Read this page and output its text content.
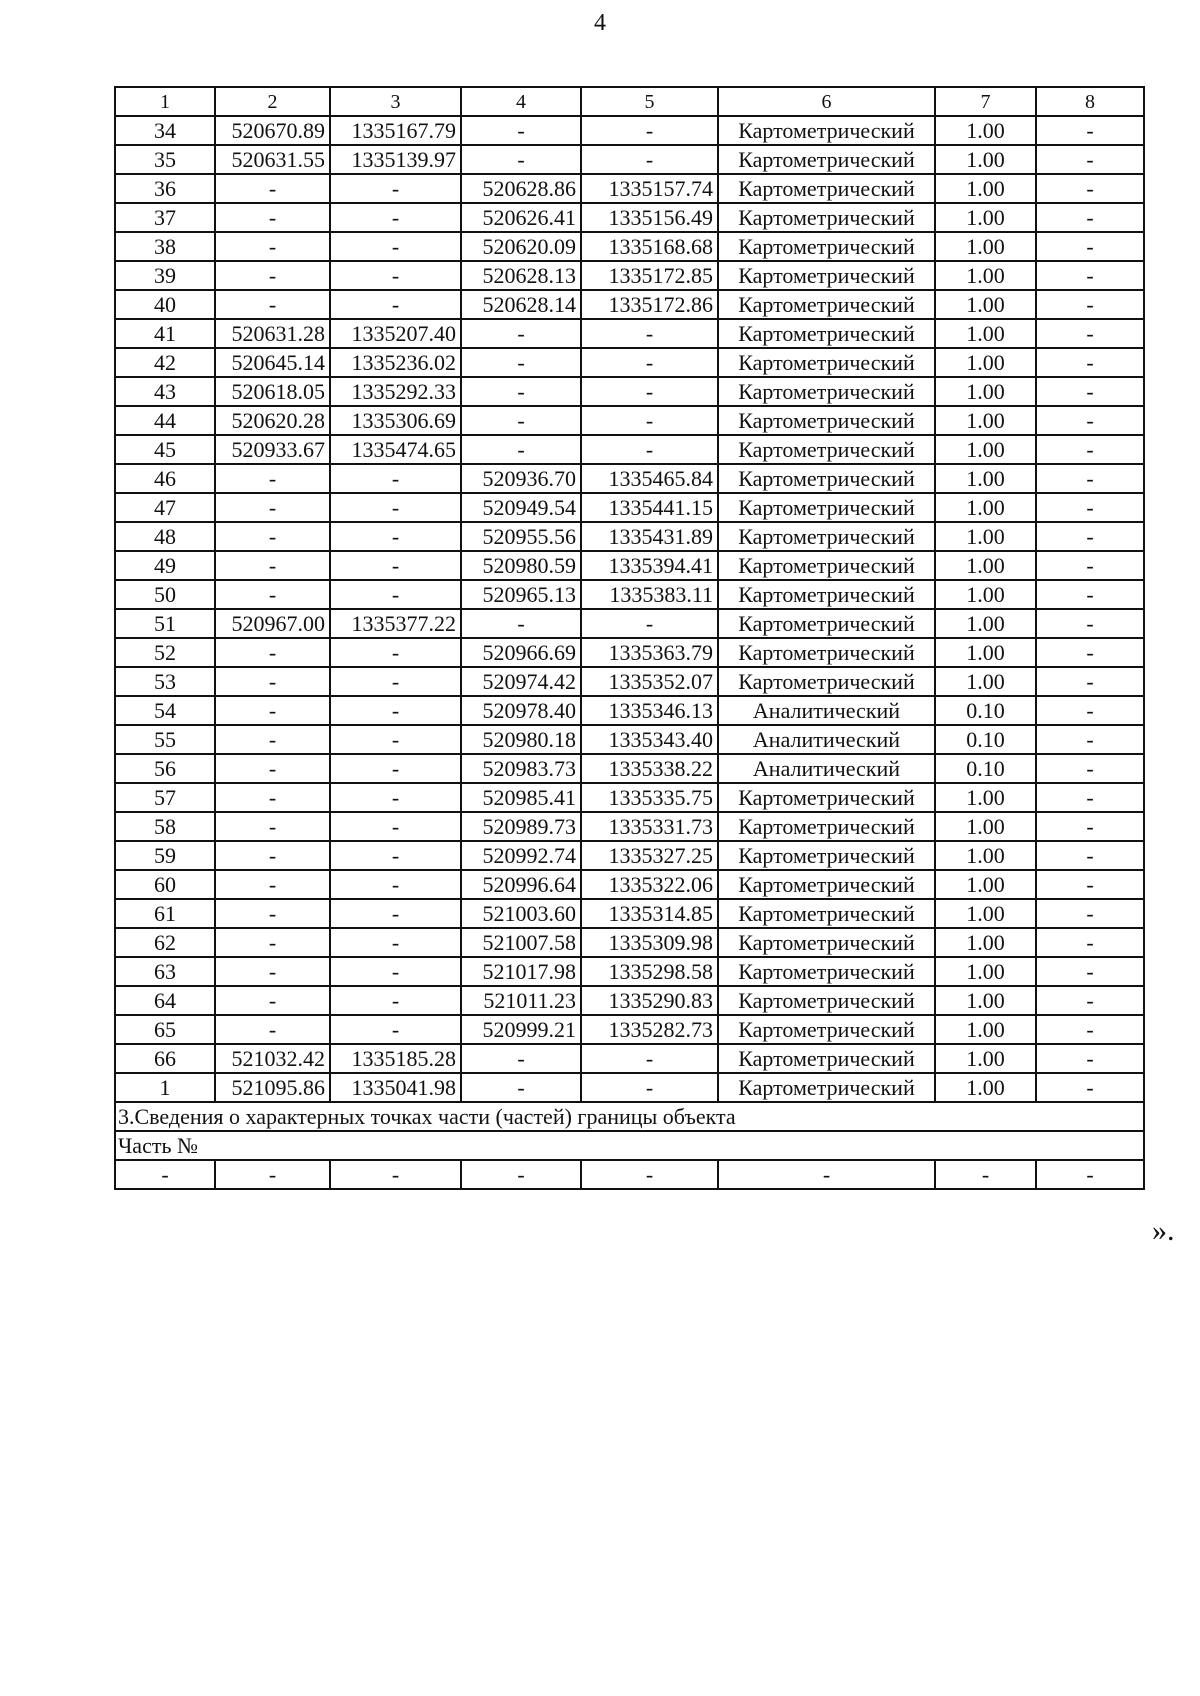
4
1	2	3	4	5	6	7	8
34	520670.89	1335167.79	-	-	Картометрический	1.00	-
35	520631.55	1335139.97	-	-	Картометрический	1.00	-
36	-	-	520628.86	1335157.74	Картометрический	1.00	-
37	-	-	520626.41	1335156.49	Картометрический	1.00	-
38	-	-	520620.09	1335168.68	Картометрический	1.00	-
39	-	-	520628.13	1335172.85	Картометрический	1.00	-
40	-	-	520628.14	1335172.86	Картометрический	1.00	-
41	520631.28	1335207.40	-	-	Картометрический	1.00	-
42	520645.14	1335236.02	-	-	Картометрический	1.00	-
43	520618.05	1335292.33	-	-	Картометрический	1.00	-
44	520620.28	1335306.69	-	-	Картометрический	1.00	-
45	520933.67	1335474.65	-	-	Картометрический	1.00	-
46	-	-	520936.70	1335465.84	Картометрический	1.00	-
47	-	-	520949.54	1335441.15	Картометрический	1.00	-
48	-	-	520955.56	1335431.89	Картометрический	1.00	-
49	-	-	520980.59	1335394.41	Картометрический	1.00	-
50	-	-	520965.13	1335383.11	Картометрический	1.00	-
51	520967.00	1335377.22	-	-	Картометрический	1.00	-
52	-	-	520966.69	1335363.79	Картометрический	1.00	-
53	-	-	520974.42	1335352.07	Картометрический	1.00	-
54	-	-	520978.40	1335346.13	Аналитический	0.10	-
55	-	-	520980.18	1335343.40	Аналитический	0.10	-
56	-	-	520983.73	1335338.22	Аналитический	0.10	-
57	-	-	520985.41	1335335.75	Картометрический	1.00	-
58	-	-	520989.73	1335331.73	Картометрический	1.00	-
59	-	-	520992.74	1335327.25	Картометрический	1.00	-
60	-	-	520996.64	1335322.06	Картометрический	1.00	-
61	-	-	521003.60	1335314.85	Картометрический	1.00	-
62	-	-	521007.58	1335309.98	Картометрический	1.00	-
63	-	-	521017.98	1335298.58	Картометрический	1.00	-
64	-	-	521011.23	1335290.83	Картометрический	1.00	-
65	-	-	520999.21	1335282.73	Картометрический	1.00	-
66	521032.42	1335185.28	-	-	Картометрический	1.00	-
1	521095.86	1335041.98	-	-	Картометрический	1.00	-
3.Сведения о характерных точках части (частей) границы объекта							
Часть №							
-	-	-	-	-	-	-	-
».
